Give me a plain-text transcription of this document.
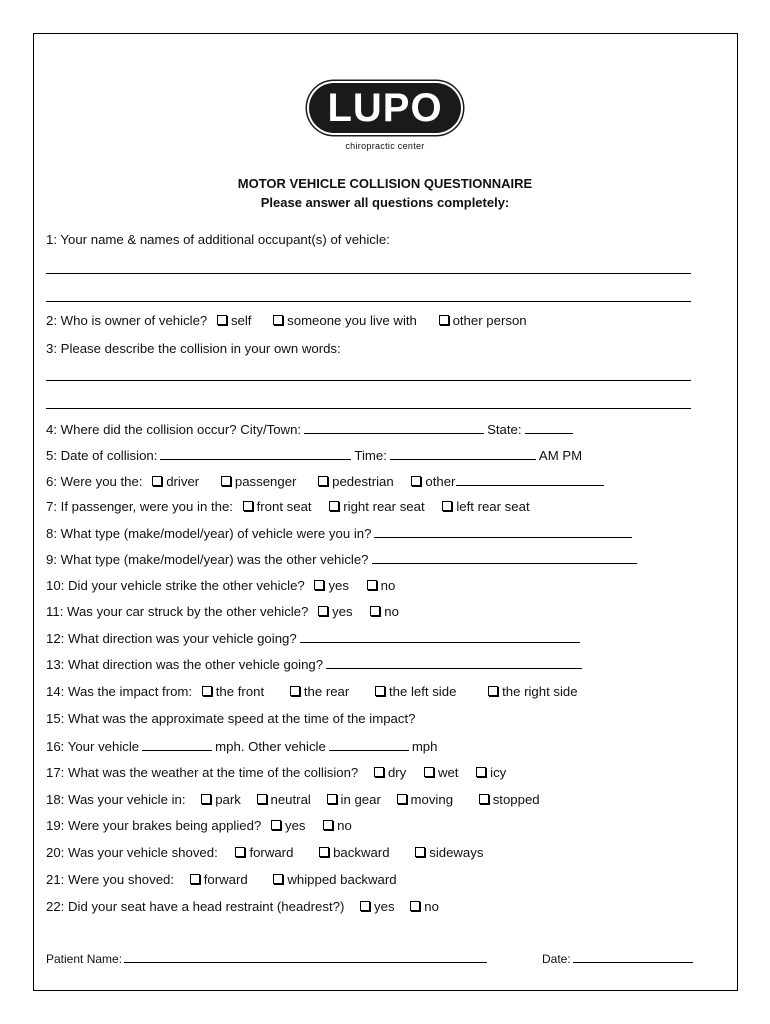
LUPO
chiropractic center
MOTOR VEHICLE COLLISION QUESTIONNAIRE
Please answer all questions completely:
1: Your name & names of additional occupant(s) of vehicle:
2: Who is owner of vehicle? self	someone you live with	other person
3: Please describe the collision in your own words:
4: Where did the collision occur? City/Town:	State:
5: Date of collision:	Time:	AM PM
6: Were you the: driver	passenger	pedestrian other
7: If passenger, were you in the: front seat right rear seat left rear seat
8: What type (make/model/year) of vehicle were you in?
9: What type (make/model/year) was the other vehicle?
10: Did your vehicle strike the other vehicle? yes no
11: Was your car struck by the other vehicle? yes no
12: What direction was your vehicle going?
13: What direction was the other vehicle going?
14: Was the impact from: the front	the rear	the left side	the right side
15: What was the approximate speed at the time of the impact?
16: Your vehicle	mph. Other vehicle	mph
17: What was the weather at the time of the collision? dry wet icy
18: Was your vehicle in: park neutral in gear moving	stopped
19: Were your brakes being applied? yes no
20: Was your vehicle shoved: forward	backward	sideways
21: Were you shoved: forward	whipped backward
22: Did your seat have a head restraint (headrest?) yes no
Patient Name:	Date:
